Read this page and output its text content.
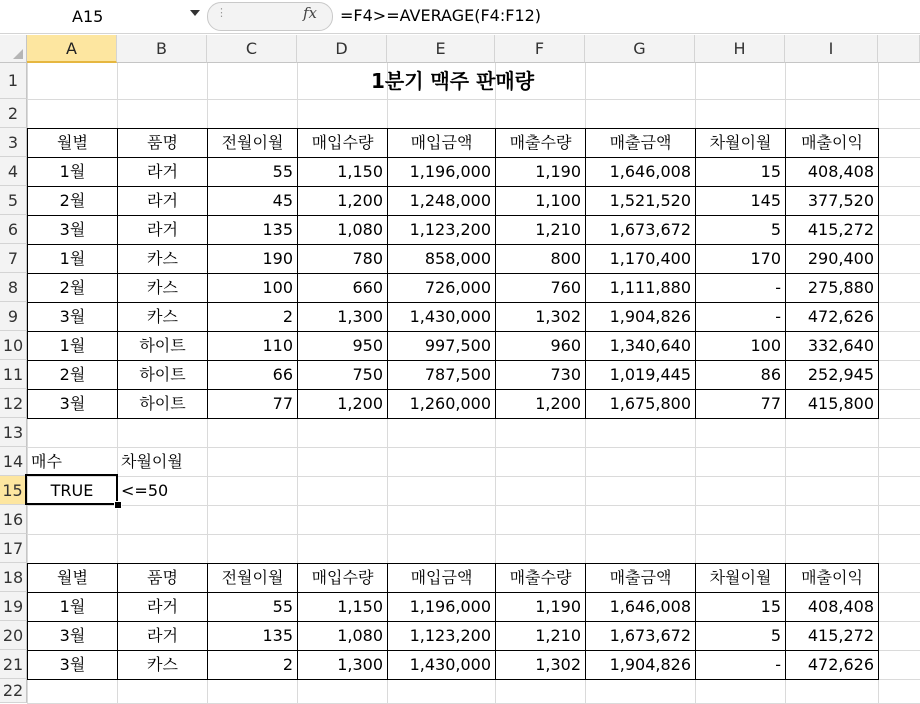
A15	⋮	fx =F4>=AVERAGE(F4:F12)
A	B	C	D	E	F	G	H	I
1
2
3
4
5
6
7
8
9
10
11
12
13
14
15
16
17
18
19
20
21
22
1분기 맥주 판매량
월별	품명	전월이월	매입수량	매입금액	매출수량	매출금액	차월이월	매출이익
1월	라거	55	1,150	1,196,000	1,190	1,646,008	15	408,408
2월	라거	45	1,200	1,248,000	1,100	1,521,520	145	377,520
3월	라거	135	1,080	1,123,200	1,210	1,673,672	5	415,272
1월	카스	190	780	858,000	800	1,170,400	170	290,400
2월	카스	100	660	726,000	760	1,111,880	-	275,880
3월	카스	2	1,300	1,430,000	1,302	1,904,826	-	472,626
1월	하이트	110	950	997,500	960	1,340,640	100	332,640
2월	하이트	66	750	787,500	730	1,019,445	86	252,945
3월	하이트	77	1,200	1,260,000	1,200	1,675,800	77	415,800
매수	차월이월
TRUE	<=50
월별	품명	전월이월	매입수량	매입금액	매출수량	매출금액	차월이월	매출이익
1월	라거	55	1,150	1,196,000	1,190	1,646,008	15	408,408
3월	라거	135	1,080	1,123,200	1,210	1,673,672	5	415,272
3월	카스	2	1,300	1,430,000	1,302	1,904,826	-	472,626
